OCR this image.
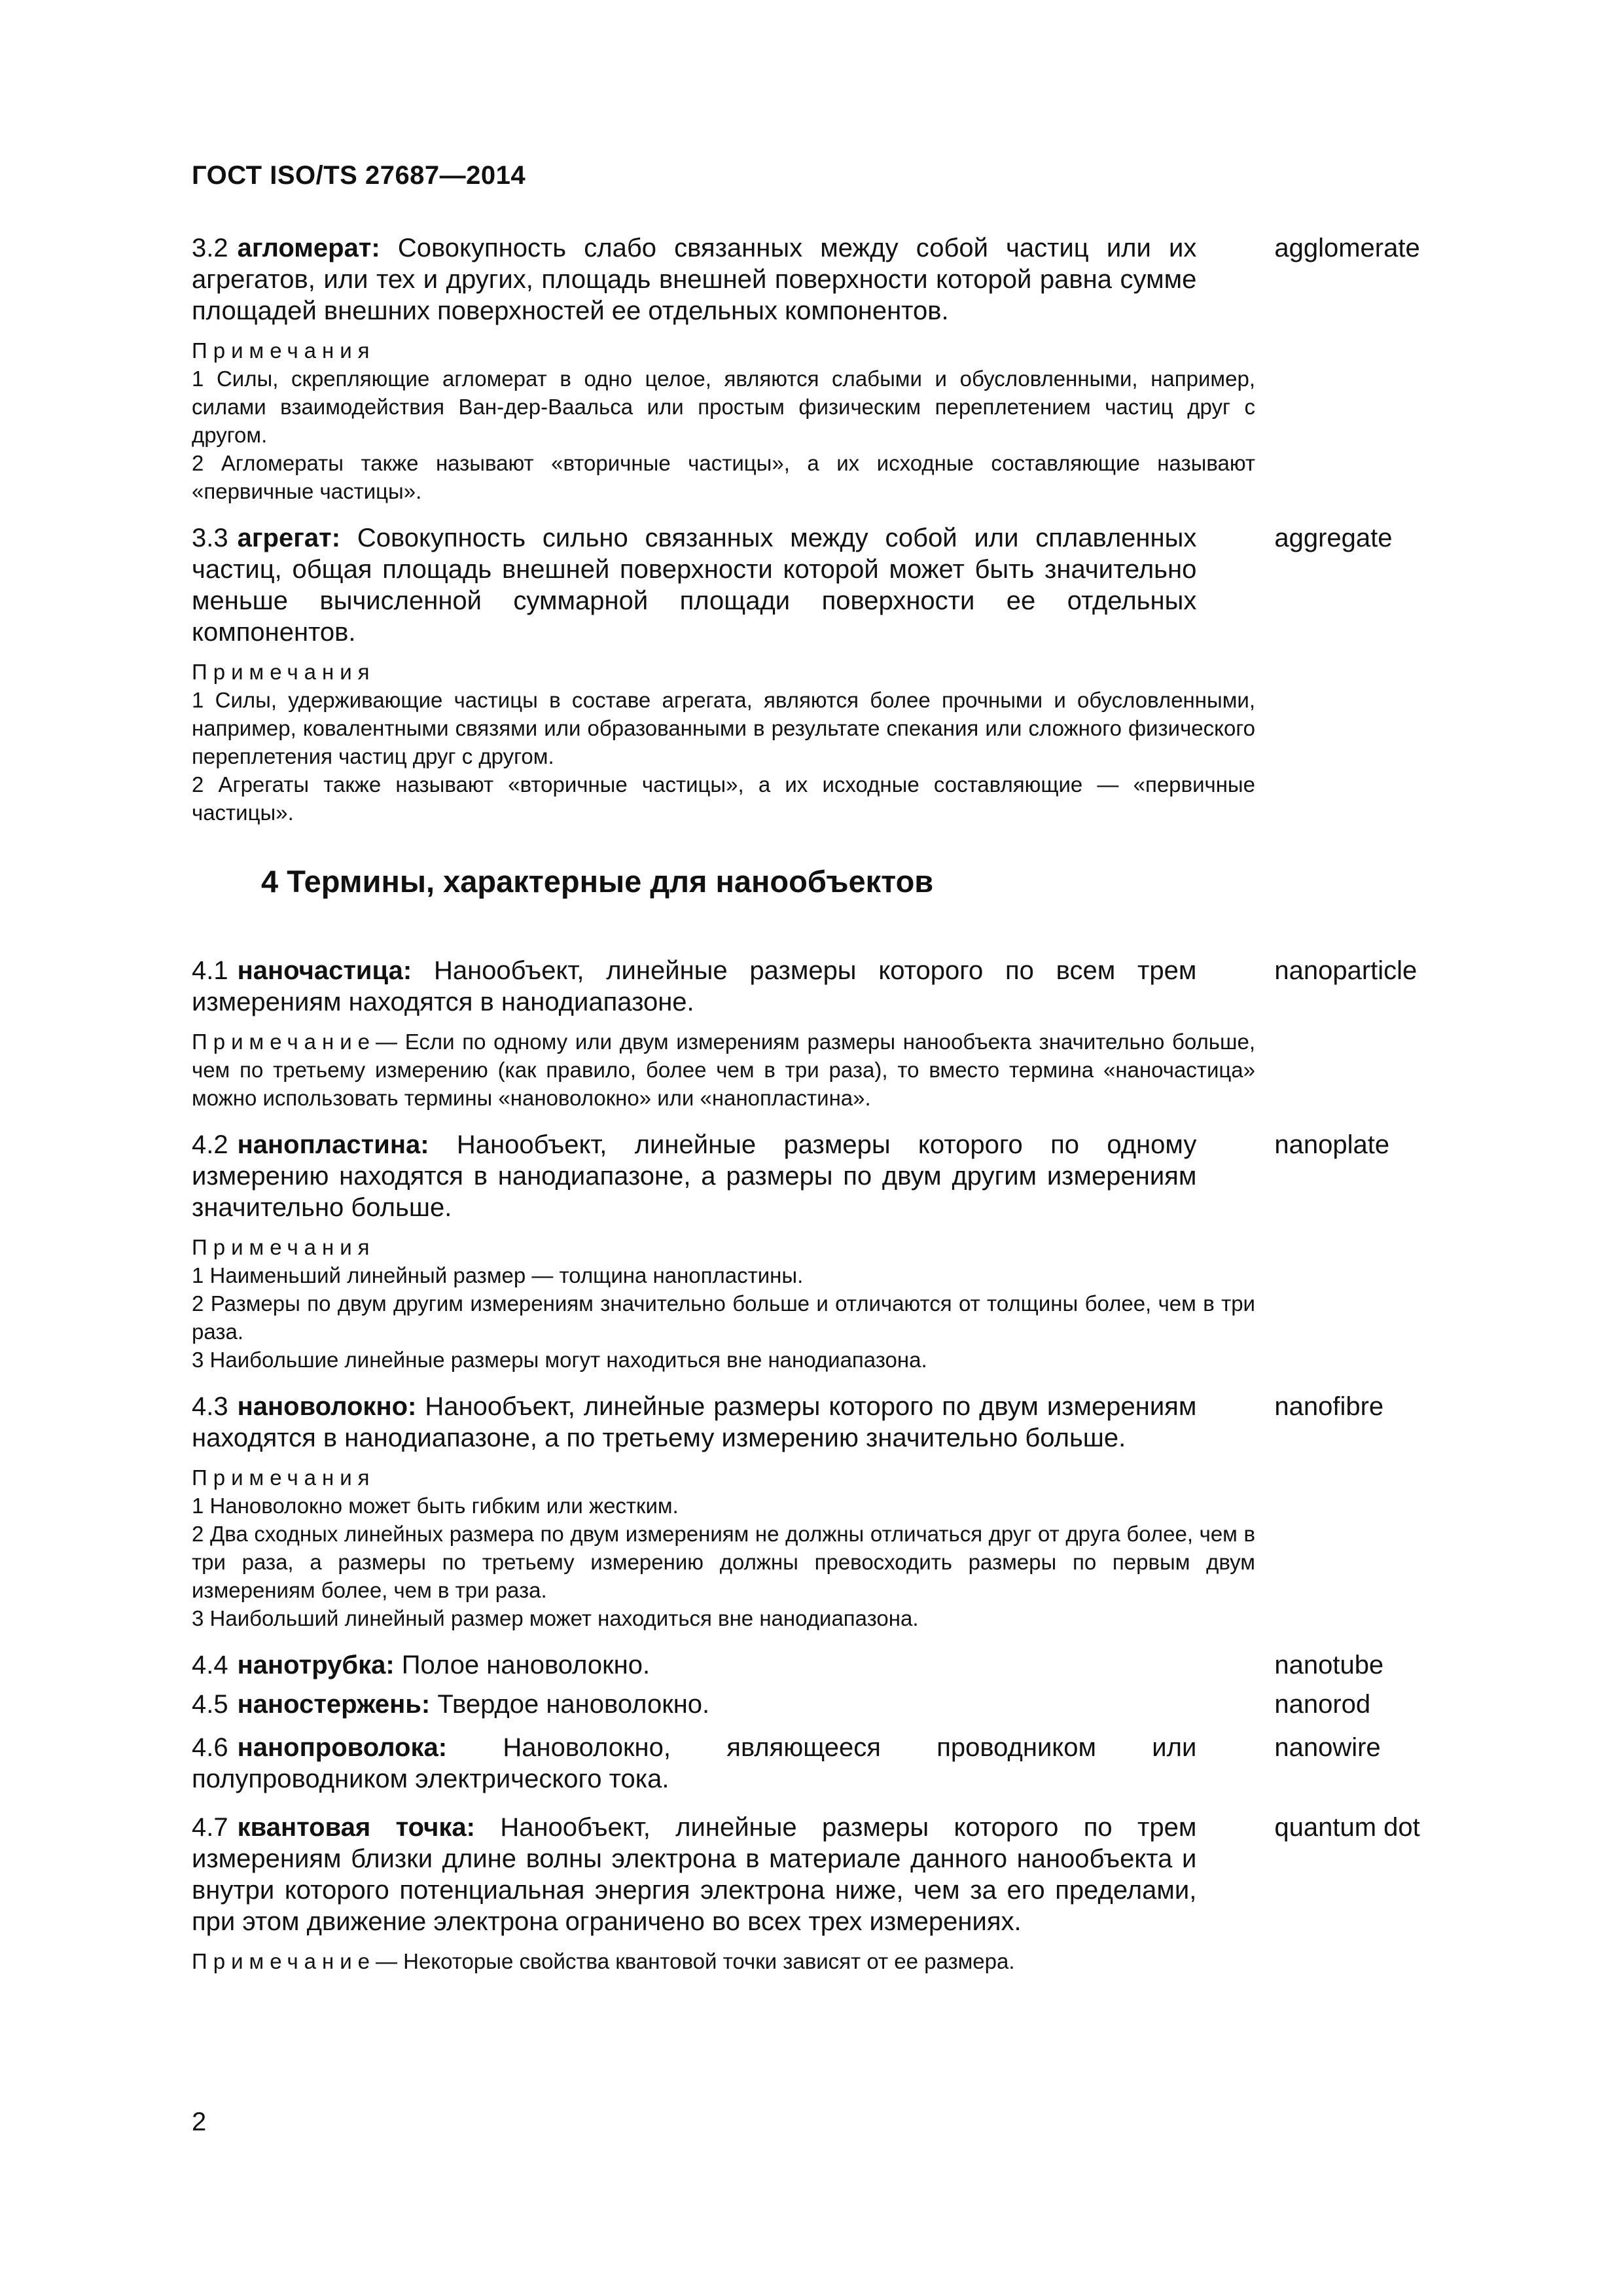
ГОСТ ISO/TS 27687—2014
3.2 агломерат: Совокупность слабо связанных между собой частиц или их агрегатов, или тех и других, площадь внешней поверхности которой равна сумме площадей внешних поверхностей ее отдельных компонентов.
agglomerate
Примечания
1 Силы, скрепляющие агломерат в одно целое, являются слабыми и обусловленными, например, силами взаимодействия Ван-дер-Ваальса или простым физическим переплетением частиц друг с другом.
2 Агломераты также называют «вторичные частицы», а их исходные составляющие называют «первичные частицы».
3.3 агрегат: Совокупность сильно связанных между собой или сплавленных частиц, общая площадь внешней поверхности которой может быть значительно меньше вычисленной суммарной площади поверхности ее отдельных компонентов.
aggregate
Примечания
1 Силы, удерживающие частицы в составе агрегата, являются более прочными и обусловленными, например, ковалентными связями или образованными в результате спекания или сложного физического переплетения частиц друг с другом.
2 Агрегаты также называют «вторичные частицы», а их исходные составляющие — «первичные частицы».
4 Термины, характерные для нанообъектов
4.1 наночастица: Нанообъект, линейные размеры которого по всем трем измерениям находятся в нанодиапазоне.
nanoparticle
Примечание— Если по одному или двум измерениям размеры нанообъекта значительно больше, чем по третьему измерению (как правило, более чем в три раза), то вместо термина «наночастица» можно использовать термины «нановолокно» или «нанопластина».
4.2 нанопластина: Нанообъект, линейные размеры которого по одному измерению находятся в нанодиапазоне, а размеры по двум другим измерениям значительно больше.
nanoplate
Примечания
1 Наименьший линейный размер — толщина нанопластины.
2 Размеры по двум другим измерениям значительно больше и отличаются от толщины более, чем в три раза.
3 Наибольшие линейные размеры могут находиться вне нанодиапазона.
4.3 нановолокно: Нанообъект, линейные размеры которого по двум измерениям находятся в нанодиапазоне, а по третьему измерению значительно больше.
nanofibre
Примечания
1 Нановолокно может быть гибким или жестким.
2 Два сходных линейных размера по двум измерениям не должны отличаться друг от друга более, чем в три раза, а размеры по третьему измерению должны превосходить размеры по первым двум измерениям более, чем в три раза.
3 Наибольший линейный размер может находиться вне нанодиапазона.
4.4 нанотрубка: Полое нановолокно.	nanotube
4.5 наностержень: Твердое нановолокно.	nanorod
4.6 нанопроволока: Нановолокно, являющееся проводником или полупроводником электрического тока.
nanowire
4.7 квантовая точка: Нанообъект, линейные размеры которого по трем измерениям близки длине волны электрона в материале данного нанообъекта и внутри которого потенциальная энергия электрона ниже, чем за его пределами, при этом движение электрона ограничено во всех трех измерениях.
quantum dot
Примечание— Некоторые свойства квантовой точки зависят от ее размера.
2
